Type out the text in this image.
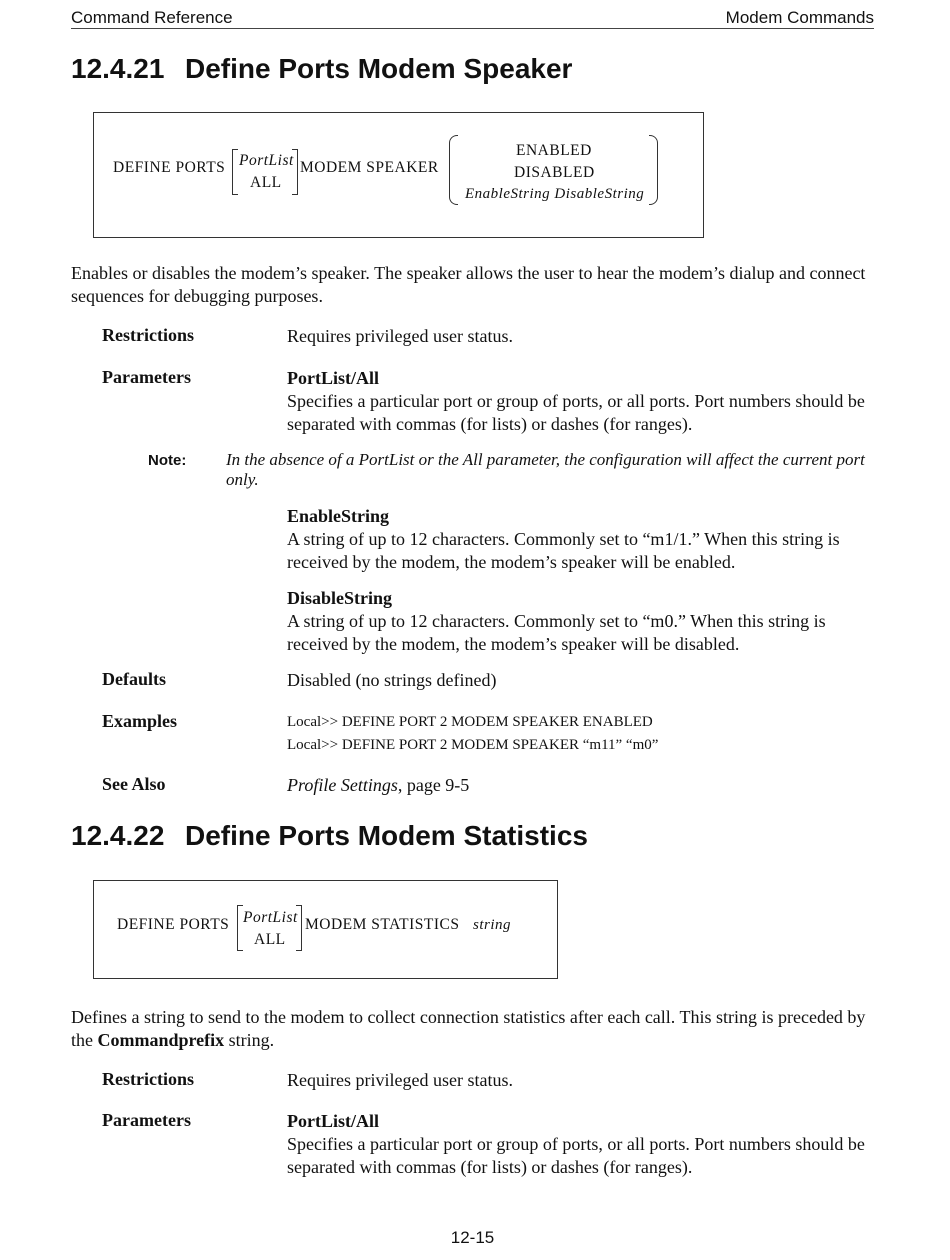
Command Reference	Modem Commands
12.4.21 Define Ports Modem Speaker
DEFINE PORTS PortList
ALL
MODEM SPEAKER
ENABLED
DISABLED
EnableString DisableString
Enables or disables the modem’s speaker. The speaker allows the user to hear the modem’s dialup and connect sequences for debugging purposes.
Restrictions	Requires privileged user status.
Parameters	PortList/All
Specifies a particular port or group of ports, or all ports. Port numbers should be separated with commas (for lists) or dashes (for ranges).
Note: In the absence of a PortList or the All parameter, the configuration will affect the current port only.
EnableString
A string of up to 12 characters. Commonly set to “m1/1.” When this string is received by the modem, the modem’s speaker will be enabled.
DisableString
A string of up to 12 characters. Commonly set to “m0.” When this string is received by the modem, the modem’s speaker will be disabled.
Defaults	Disabled (no strings defined)
Examples	Local>> DEFINE PORT 2 MODEM SPEAKER ENABLED
Local>> DEFINE PORT 2 MODEM SPEAKER “m11” “m0”
See Also	Profile Settings, page 9-5
12.4.22 Define Ports Modem Statistics
DEFINE PORTS PortList
ALL
MODEM STATISTICS string
Defines a string to send to the modem to collect connection statistics after each call. This string is preceded by the Commandprefix string.
Restrictions	Requires privileged user status.
Parameters	PortList/All
Specifies a particular port or group of ports, or all ports. Port numbers should be separated with commas (for lists) or dashes (for ranges).
12-15
